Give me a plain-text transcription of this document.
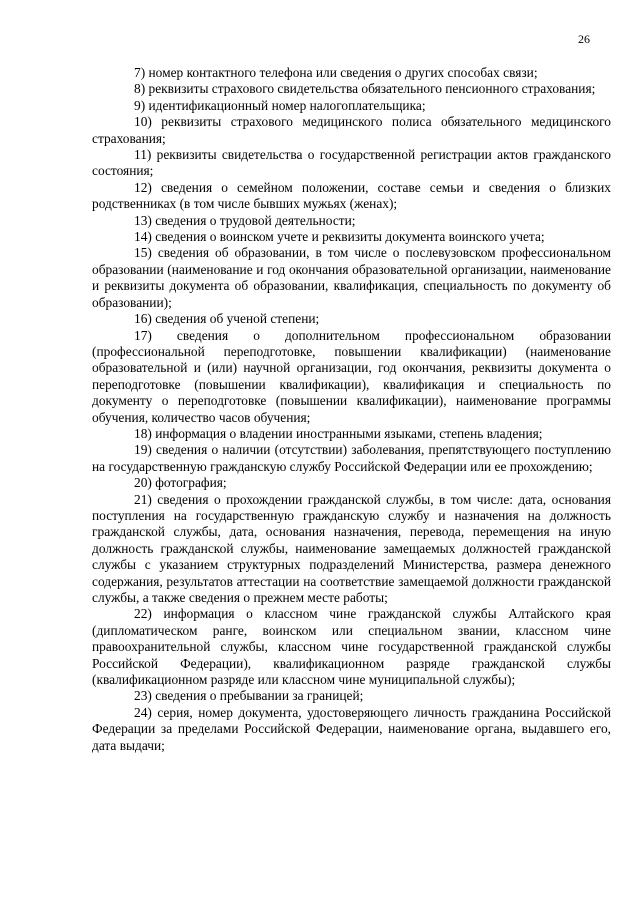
26

7) номер контактного телефона или сведения о других способах связи;

8) реквизиты страхового свидетельства обязательного пенсионного страхования;

9) идентификационный номер налогоплательщика;

10) реквизиты страхового медицинского полиса обязательного медицинского страхования;

11) реквизиты свидетельства о государственной регистрации актов гражданского состояния;

12) сведения о семейном положении, составе семьи и сведения о близких родственниках (в том числе бывших мужьях (женах);

13) сведения о трудовой деятельности;

14) сведения о воинском учете и реквизиты документа воинского учета;

15) сведения об образовании, в том числе о послевузовском профессиональном образовании (наименование и год окончания образовательной организации, наименование и реквизиты документа об образовании, квалификация, специальность по документу об образовании);

16) сведения об ученой степени;

17) сведения о дополнительном профессиональном образовании (профессиональной переподготовке, повышении квалификации) (наименование образовательной и (или) научной организации, год окончания, реквизиты документа о переподготовке (повышении квалификации), квалификация и специальность по документу о переподготовке (повышении квалификации), наименование программы обучения, количество часов обучения;

18) информация о владении иностранными языками, степень владения;

19) сведения о наличии (отсутствии) заболевания, препятствующего поступлению на государственную гражданскую службу Российской Федерации или ее прохождению;

20) фотография;

21) сведения о прохождении гражданской службы, в том числе: дата, основания поступления на государственную гражданскую службу и назначения на должность гражданской службы, дата, основания назначения, перевода, перемещения на иную должность гражданской службы, наименование замещаемых должностей гражданской службы с указанием структурных подразделений Министерства, размера денежного содержания, результатов аттестации на соответствие замещаемой должности гражданской службы, а также сведения о прежнем месте работы;

22) информация о классном чине гражданской службы Алтайского края (дипломатическом ранге, воинском или специальном звании, классном чине правоохранительной службы, классном чине государственной гражданской службы Российской Федерации), квалификационном разряде гражданской службы (квалификационном разряде или классном чине муниципальной службы);

23) сведения о пребывании за границей;

24) серия, номер документа, удостоверяющего личность гражданина Российской Федерации за пределами Российской Федерации, наименование органа, выдавшего его, дата выдачи;
